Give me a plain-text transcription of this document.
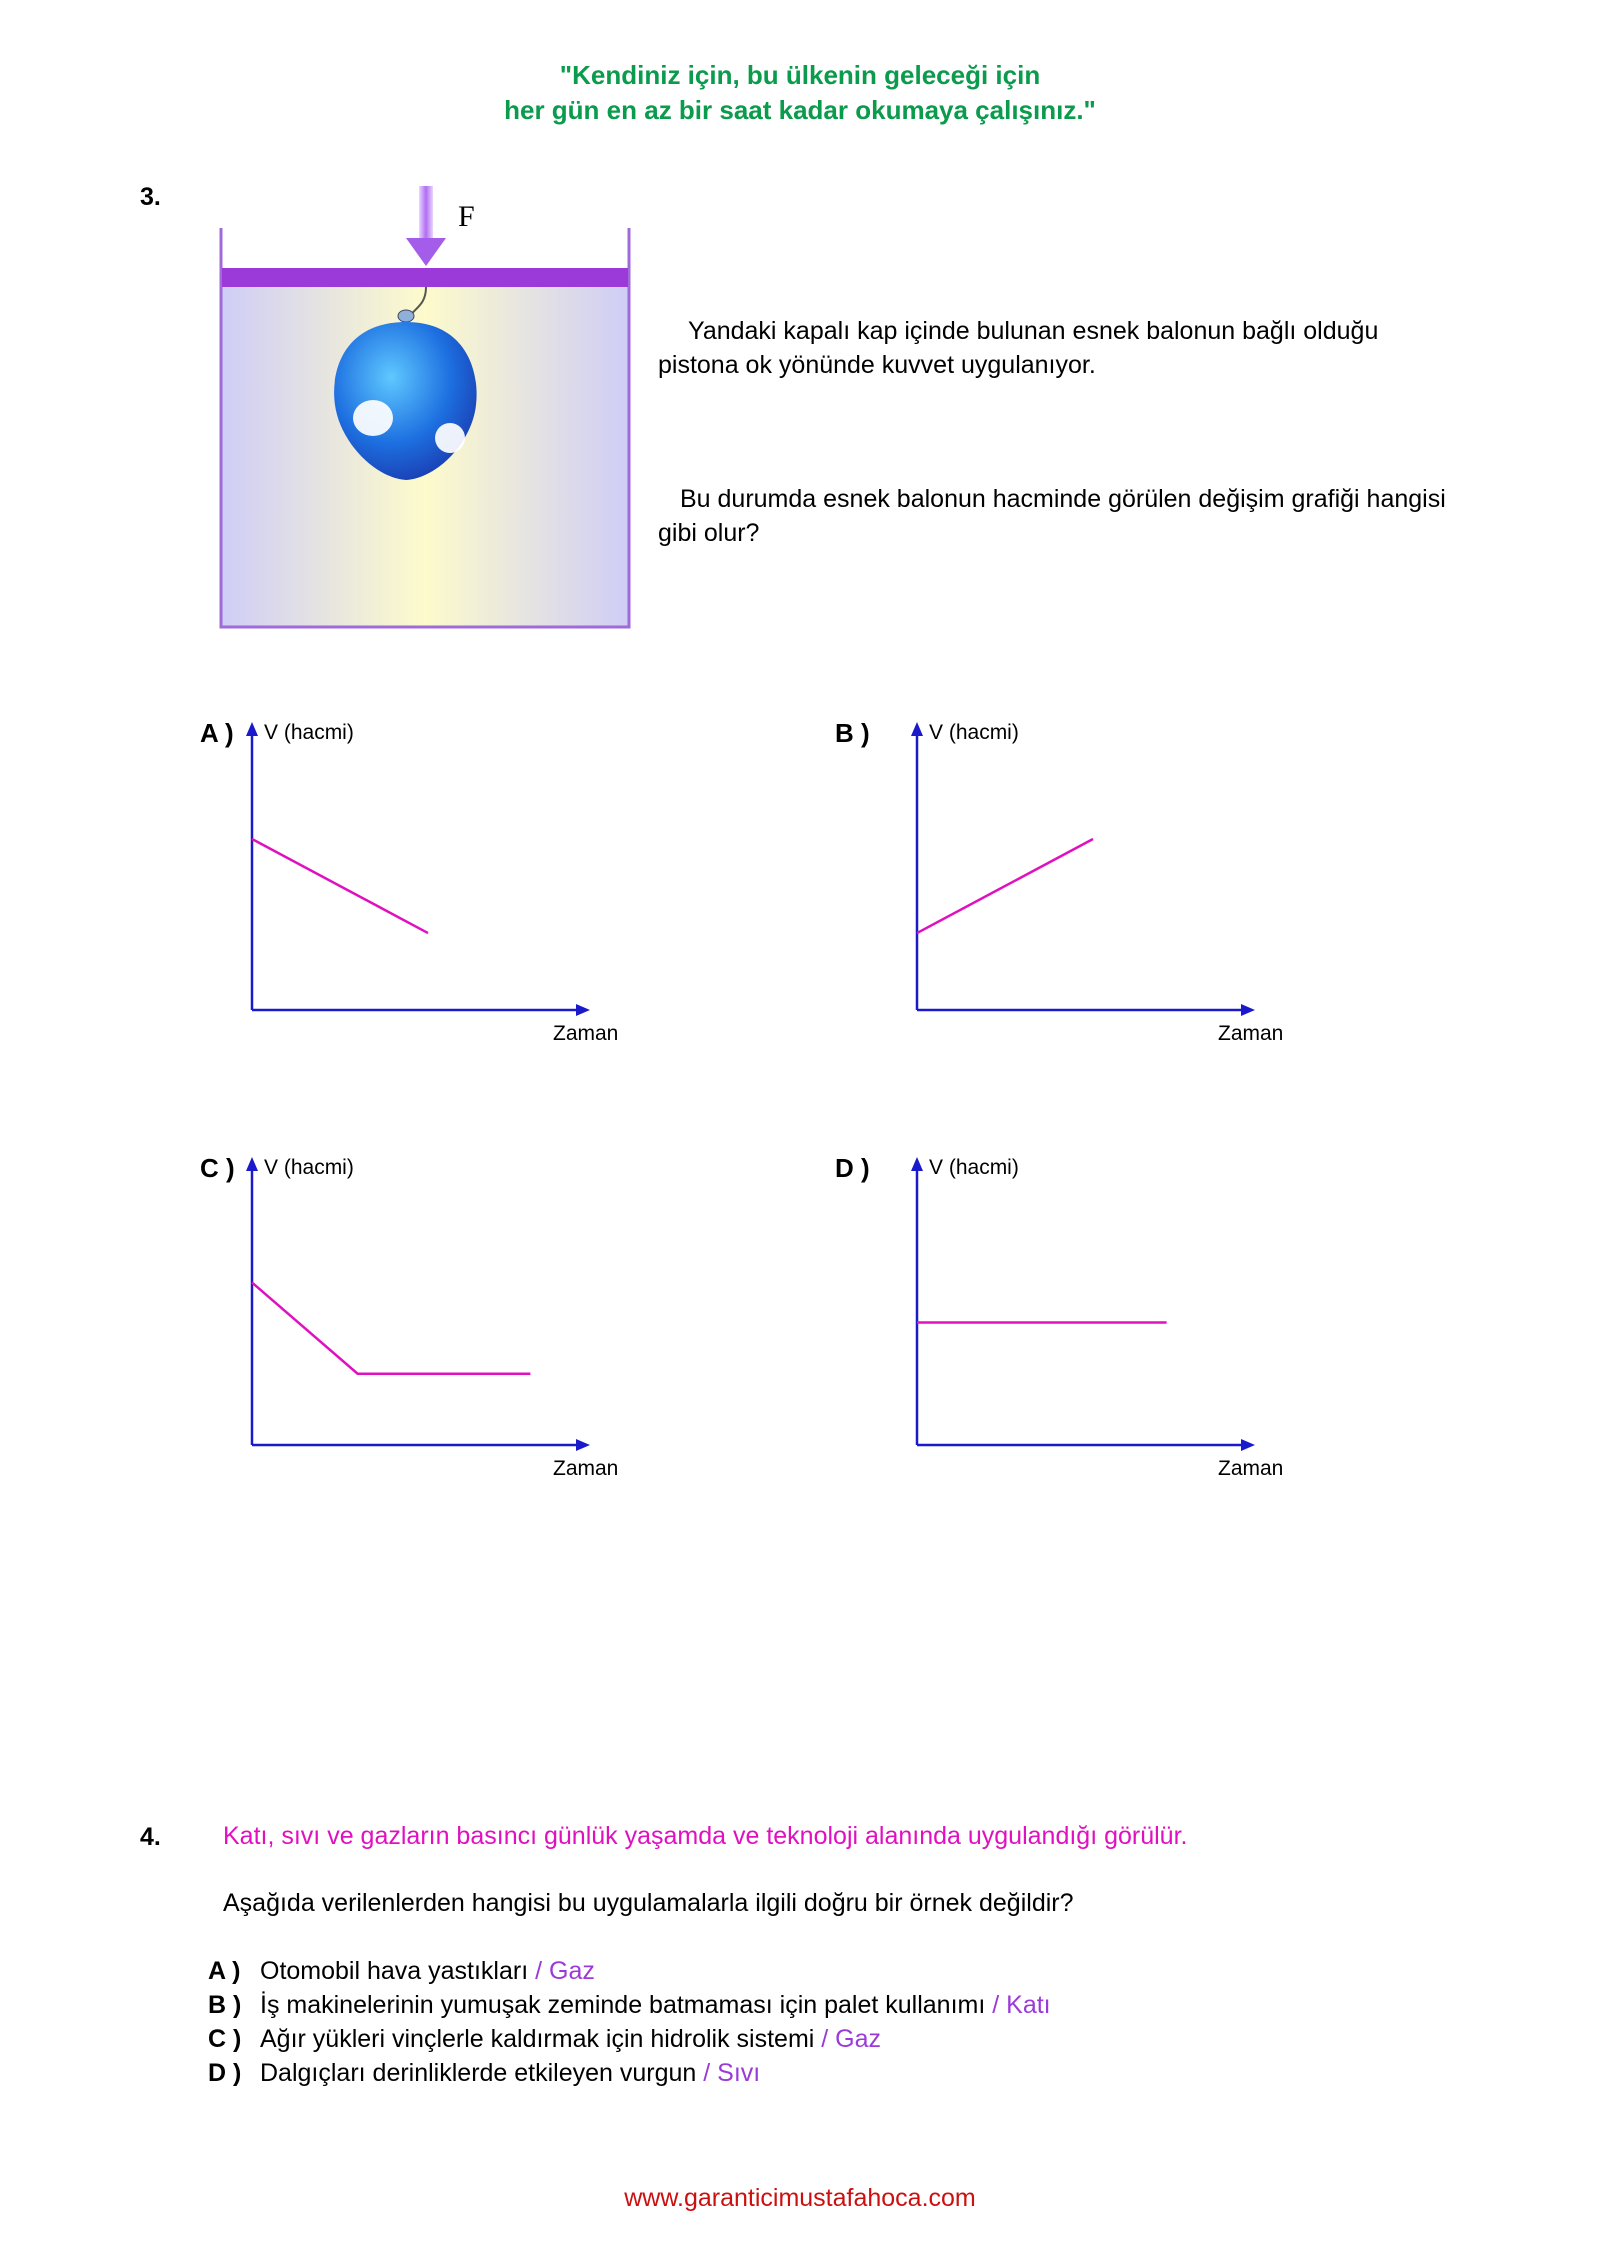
"Kendiniz için, bu ülkenin geleceği için
her gün en az bir saat kadar okumaya çalışınız."
3.
F
Yandaki kapalı kap içinde bulunan esnek balonun bağlı olduğu pistona ok yönünde kuvvet uygulanıyor.
Bu durumda esnek balonun hacminde görülen değişim grafiği hangisi gibi olur?
A ) V (hacmi)
Zaman
B )	V (hacmi)
Zaman
C ) V (hacmi)
Zaman
D )	V (hacmi)
Zaman
4. Katı, sıvı ve gazların basıncı günlük yaşamda ve teknoloji alanında uygulandığı görülür.
Aşağıda verilenlerden hangisi bu uygulamalarla ilgili doğru bir örnek değildir?
A ) Otomobil hava yastıkları / Gaz
B ) İş makinelerinin yumuşak zeminde batmaması için palet kullanımı / Katı
C ) Ağır yükleri vinçlerle kaldırmak için hidrolik sistemi / Gaz
D ) Dalgıçları derinliklerde etkileyen vurgun / Sıvı
www.garanticimustafahoca.com
